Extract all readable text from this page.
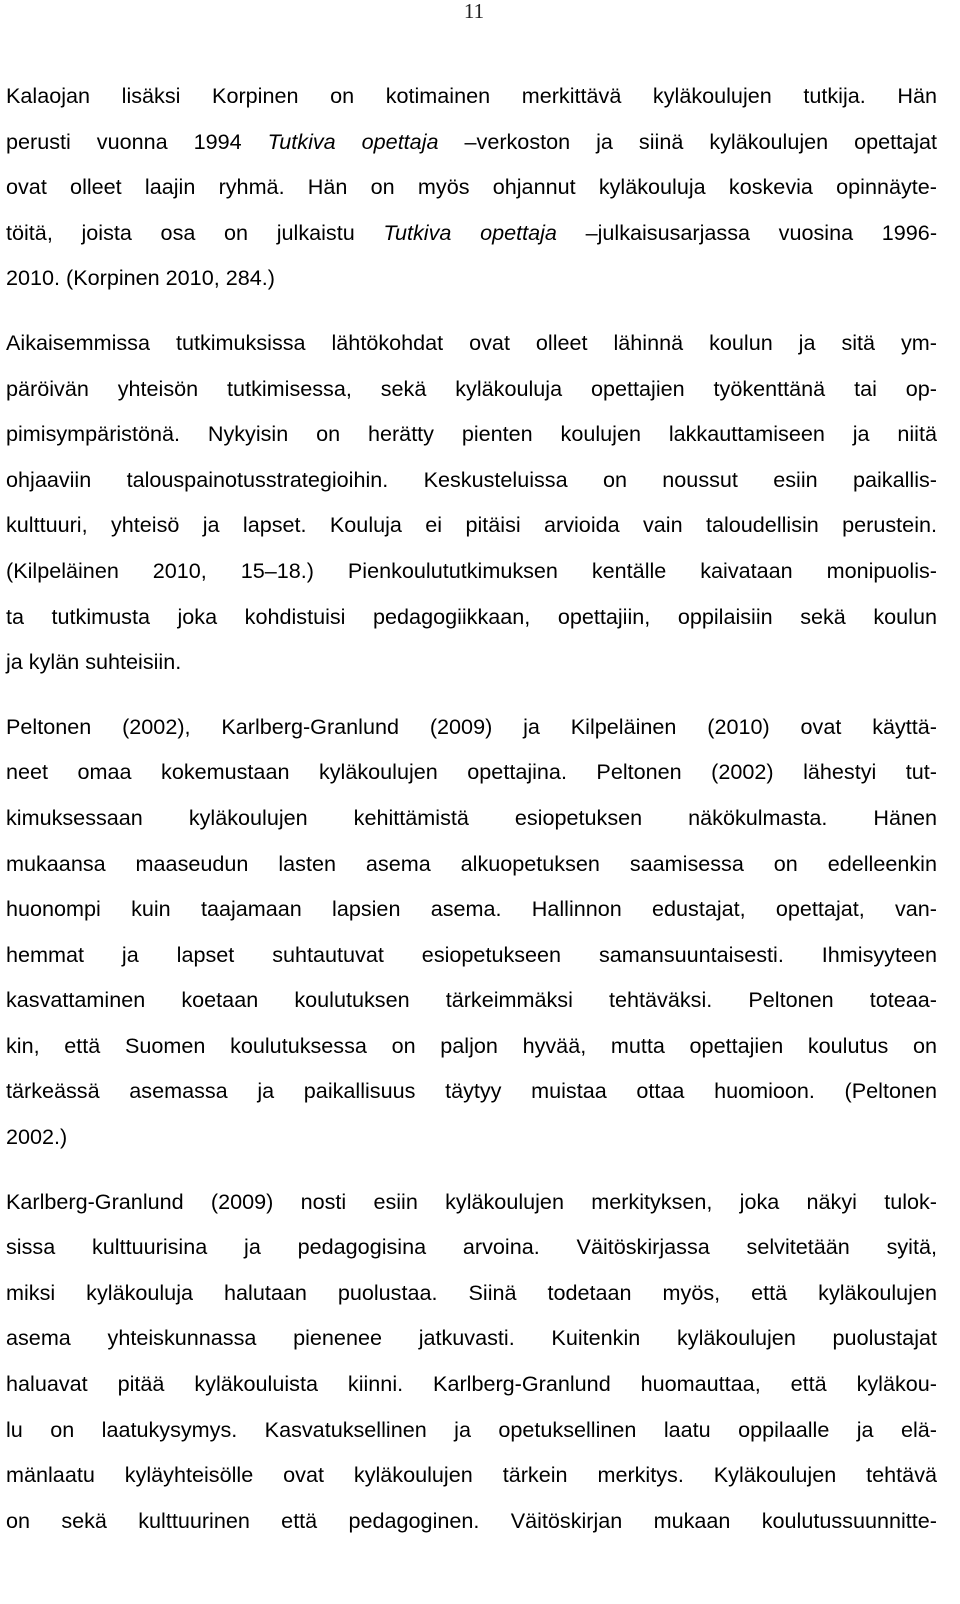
11
Kalaojan lisäksi Korpinen on kotimainen merkittävä kyläkoulujen tutkija. Hän
perusti vuonna 1994 Tutkiva opettaja –verkoston ja siinä kyläkoulujen opettajat
ovat olleet laajin ryhmä. Hän on myös ohjannut kyläkouluja koskevia opinnäyte-
töitä, joista osa on julkaistu Tutkiva opettaja –julkaisusarjassa vuosina 1996-
2010. (Korpinen 2010, 284.)
Aikaisemmissa tutkimuksissa lähtökohdat ovat olleet lähinnä koulun ja sitä ym-
päröivän yhteisön tutkimisessa, sekä kyläkouluja opettajien työkenttänä tai op-
pimisympäristönä. Nykyisin on herätty pienten koulujen lakkauttamiseen ja niitä
ohjaaviin talouspainotusstrategioihin. Keskusteluissa on noussut esiin paikallis-
kulttuuri, yhteisö ja lapset. Kouluja ei pitäisi arvioida vain taloudellisin perustein.
(Kilpeläinen 2010, 15–18.) Pienkoulututkimuksen kentälle kaivataan monipuolis-
ta tutkimusta joka kohdistuisi pedagogiikkaan, opettajiin, oppilaisiin sekä koulun
ja kylän suhteisiin.
Peltonen (2002), Karlberg-Granlund (2009) ja Kilpeläinen (2010) ovat käyttä-
neet omaa kokemustaan kyläkoulujen opettajina. Peltonen (2002) lähestyi tut-
kimuksessaan kyläkoulujen kehittämistä esiopetuksen näkökulmasta. Hänen
mukaansa maaseudun lasten asema alkuopetuksen saamisessa on edelleenkin
huonompi kuin taajamaan lapsien asema. Hallinnon edustajat, opettajat, van-
hemmat ja lapset suhtautuvat esiopetukseen samansuuntaisesti. Ihmisyyteen
kasvattaminen koetaan koulutuksen tärkeimmäksi tehtäväksi. Peltonen toteaa-
kin, että Suomen koulutuksessa on paljon hyvää, mutta opettajien koulutus on
tärkeässä asemassa ja paikallisuus täytyy muistaa ottaa huomioon. (Peltonen
2002.)
Karlberg-Granlund (2009) nosti esiin kyläkoulujen merkityksen, joka näkyi tulok-
sissa kulttuurisina ja pedagogisina arvoina. Väitöskirjassa selvitetään syitä,
miksi kyläkouluja halutaan puolustaa. Siinä todetaan myös, että kyläkoulujen
asema yhteiskunnassa pienenee jatkuvasti. Kuitenkin kyläkoulujen puolustajat
haluavat pitää kyläkouluista kiinni. Karlberg-Granlund huomauttaa, että kyläkou-
lu on laatukysymys. Kasvatuksellinen ja opetuksellinen laatu oppilaalle ja elä-
mänlaatu kyläyhteisölle ovat kyläkoulujen tärkein merkitys. Kyläkoulujen tehtävä
on sekä kulttuurinen että pedagoginen. Väitöskirjan mukaan koulutussuunnitte-
